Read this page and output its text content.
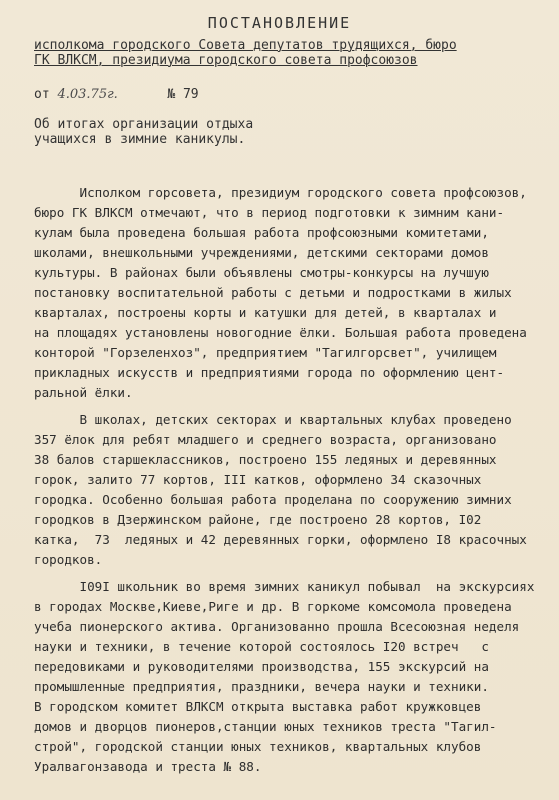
ПОСТАНОВЛЕНИЕ
исполкома городского Совета депутатов трудящихся, бюро
ГК ВЛКСМ, президиума городского совета профсоюзов
от 4.03.75г.	№ 79
Об итогах организации отдыха
учащихся в зимние каникулы.
Исполком горсовета, президиум городского совета профсоюзов,
бюро ГК ВЛКСМ отмечают, что в период подготовки к зимним кани-
кулам была проведена большая работа профсоюзными комитетами,
школами, внешкольными учреждениями, детскими секторами домов
культуры. В районах были объявлены смотры-конкурсы на лучшую
постановку воспитательной работы с детьми и подростками в жилых
кварталах, построены корты и катушки для детей, в кварталах и
на площадях установлены новогодние ёлки. Большая работа проведена
конторой "Горзеленхоз", предприятием "Тагилгорсвет", училищем
прикладных искусств и предприятиями города по оформлению цент-
ральной ёлки.
В школах, детских секторах и квартальных клубах проведено
357 ёлок для ребят младшего и среднего возраста, организовано
38 балов старшеклассников, построено 155 ледяных и деревянных
горок, залито 77 кортов, III катков, оформлено 34 сказочных
городка. Особенно большая работа проделана по сооружению зимних
городков в Дзержинском районе, где построено 28 кортов, I02
катка,  73  ледяных и 42 деревянных горки, оформлено I8 красочных
городков.
I09I школьник во время зимних каникул побывал  на экскурсиях
в городах Москве,Киеве,Риге и др. В горкоме комсомола проведена
учеба пионерского актива. Организованно прошла Всесоюзная неделя
науки и техники, в течение которой состоялось I20 встреч   с
передовиками и руководителями производства, 155 экскурсий на
промышленные предприятия, праздники, вечера науки и техники.
В городском комитет ВЛКСМ открыта выставка работ кружковцев
домов и дворцов пионеров,станции юных техников треста "Тагил-
строй", городской станции юных техников, квартальных клубов
Уралвагонзавода и треста № 88.
